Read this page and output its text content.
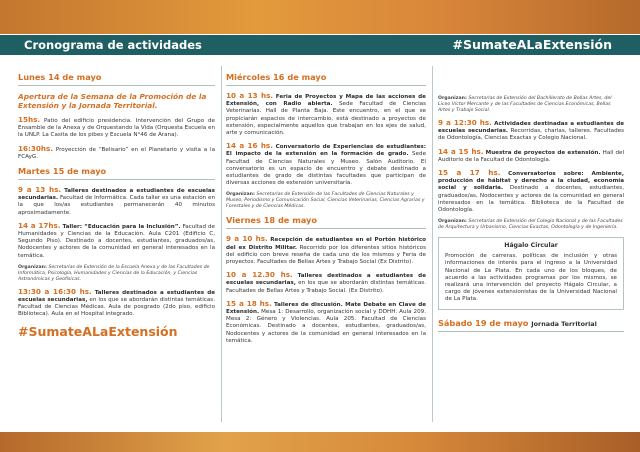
Cronograma de actividades	#SumateALaExtensión
Lunes 14 de mayo
Apertura de la Semana de la Promoción de la Extensión y la Jornada Territorial.
15hs. Patio del edificio presidencia. Intervención del Grupo de Ensamble de la Anexa y de Orquestando la Vida (Orquesta Escuela en la UNLP. La Casita de los pibes y Escuela N°46 de Arana).
16:30hs. Proyección de “Belisario” en el Planetario y visita a la FCAyG.
Martes 15 de mayo
9 a 13 hs. Talleres destinados a estudiantes de escuelas secundarias. Facultad de Informática. Cada taller es una estación en la que los/as estudiantes permanecerán 40 minutos aproximadamente.
14 a 17hs. Taller: “Educación para la Inclusión”. Facultad de Humanidades y Ciencias de la Educación. Aula C201 (Edificio C, Segundo Piso). Destinado a docentes, estudiantes, graduados/as, Nodocentes y actores de la comunidad en general interesados en la temática.
Organizan: Secretarías de Extensión de la Escuela Anexa y de las Facultades de Informática, Psicología, Humanidades y Ciencias de la Educación, y Ciencias Astronómicas y Geofísicas.
13:30 a 16:30 hs. Talleres destinados a estudiantes de escuelas secundarias, en los que se abordarán distintas temáticas. Facultad de Ciencias Médicas. Aula de posgrado (2do piso, edificio Biblioteca). Aula en el Hospital integrado.
#SumateALaExtensión
Miércoles 16 de mayo
10 a 13 hs. Feria de Proyectos y Mapa de las acciones de Extensión, con Radio abierta. Sede Facultad de Ciencias Veterinarias. Hall de Planta Baja. Este encuentro, en el que se propiciarán espacios de intercambio, está destinado a proyectos de extensión, especialmente aquellos que trabajan en los ejes de salud, arte y comunicación.
14 a 16 hs. Conversatorio de Experiencias de estudiantes: El impacto de la extensión en la formación de grado. Sede Facultad de Ciencias Naturales y Museo. Salón Auditorio. El conversatorio es un espacio de encuentro y debate destinado a estudiantes de grado de distintas facultades que participan de diversas acciones de extensión universitaria.
Organizan: Secretarías de Extensión de las Facultades de Ciencias Naturales y Museo, Periodismo y Comunicación Social, Ciencias Veterinarias, Ciencias Agrarias y Forestales y de Ciencias Médicas.
Viernes 18 de mayo
9 a 10 hs. Recepción de estudiantes en el Portón histórico del ex Distrito Militar. Recorrido por los diferentes sitios históricos del edificio con breve reseña de cada uno de los mismos y Feria de proyectos. Facultades de Bellas Artes y Trabajo Social (Ex Distrito).
10 a 12.30 hs. Talleres destinados a estudiantes de escuelas secundarias, en los que se abordarán distintas temáticas. Facultades de Bellas Artes y Trabajo Social. (Ex Distrito).
15 a 18 hs. Talleres de discusión. Mate Debate en Clave de Extensión. Mesa 1: Desarrollo, organización social y DDHH. Aula 209. Mesa 2: Género y Violencias. Aula 205. Facultad de Ciencias Económicas. Destinado a docentes, estudiantes, graduados/as, Nodocentes y actores de la comunidad en general interesados en la temática.
Organizan: Secretarías de Extensión del Bachillerato de Bellas Artes, del Liceo Víctor Mercante y de las Facultades de Ciencias Económicas, Bellas Artes y Trabajo Social.
9 a 12:30 hs. Actividades destinadas a estudiantes de escuelas secundarias. Recorridas, charlas, talleres. Facultades de Odontología, Ciencias Exactas y Colegio Nacional.
14 a 15 hs. Muestra de proyectos de extensión. Hall del Auditorio de la Facultad de Odontología.
15 a 17 hs. Conversatorios sobre: Ambiente, producción de hábitat y derecho a la ciudad, economía social y solidaria. Destinado a docentes, estudiantes, graduados/as, Nodocentes y actores de la comunidad en general interesados en la temática. Biblioteca de la Facultad de Odontología.
Organizan: Secretarías de Extensión del Colegio Nacional y de las Facultades de Arquitectura y Urbanismo, Ciencias Exactas, Odontología y de Ingeniería.
Hágalo Circular
Promoción de carreras, políticas de inclusión y otras informaciones de interés para el ingreso a la Universidad Nacional de La Plata. En cada uno de los bloques, de acuerdo a las actividades programas por los mismos, se realizará una intervención del proyecto Hágalo Circular, a cargo de jóvenes extensionistas de la Universidad Nacional de La Plata.
Sábado 19 de mayo Jornada Territorial
